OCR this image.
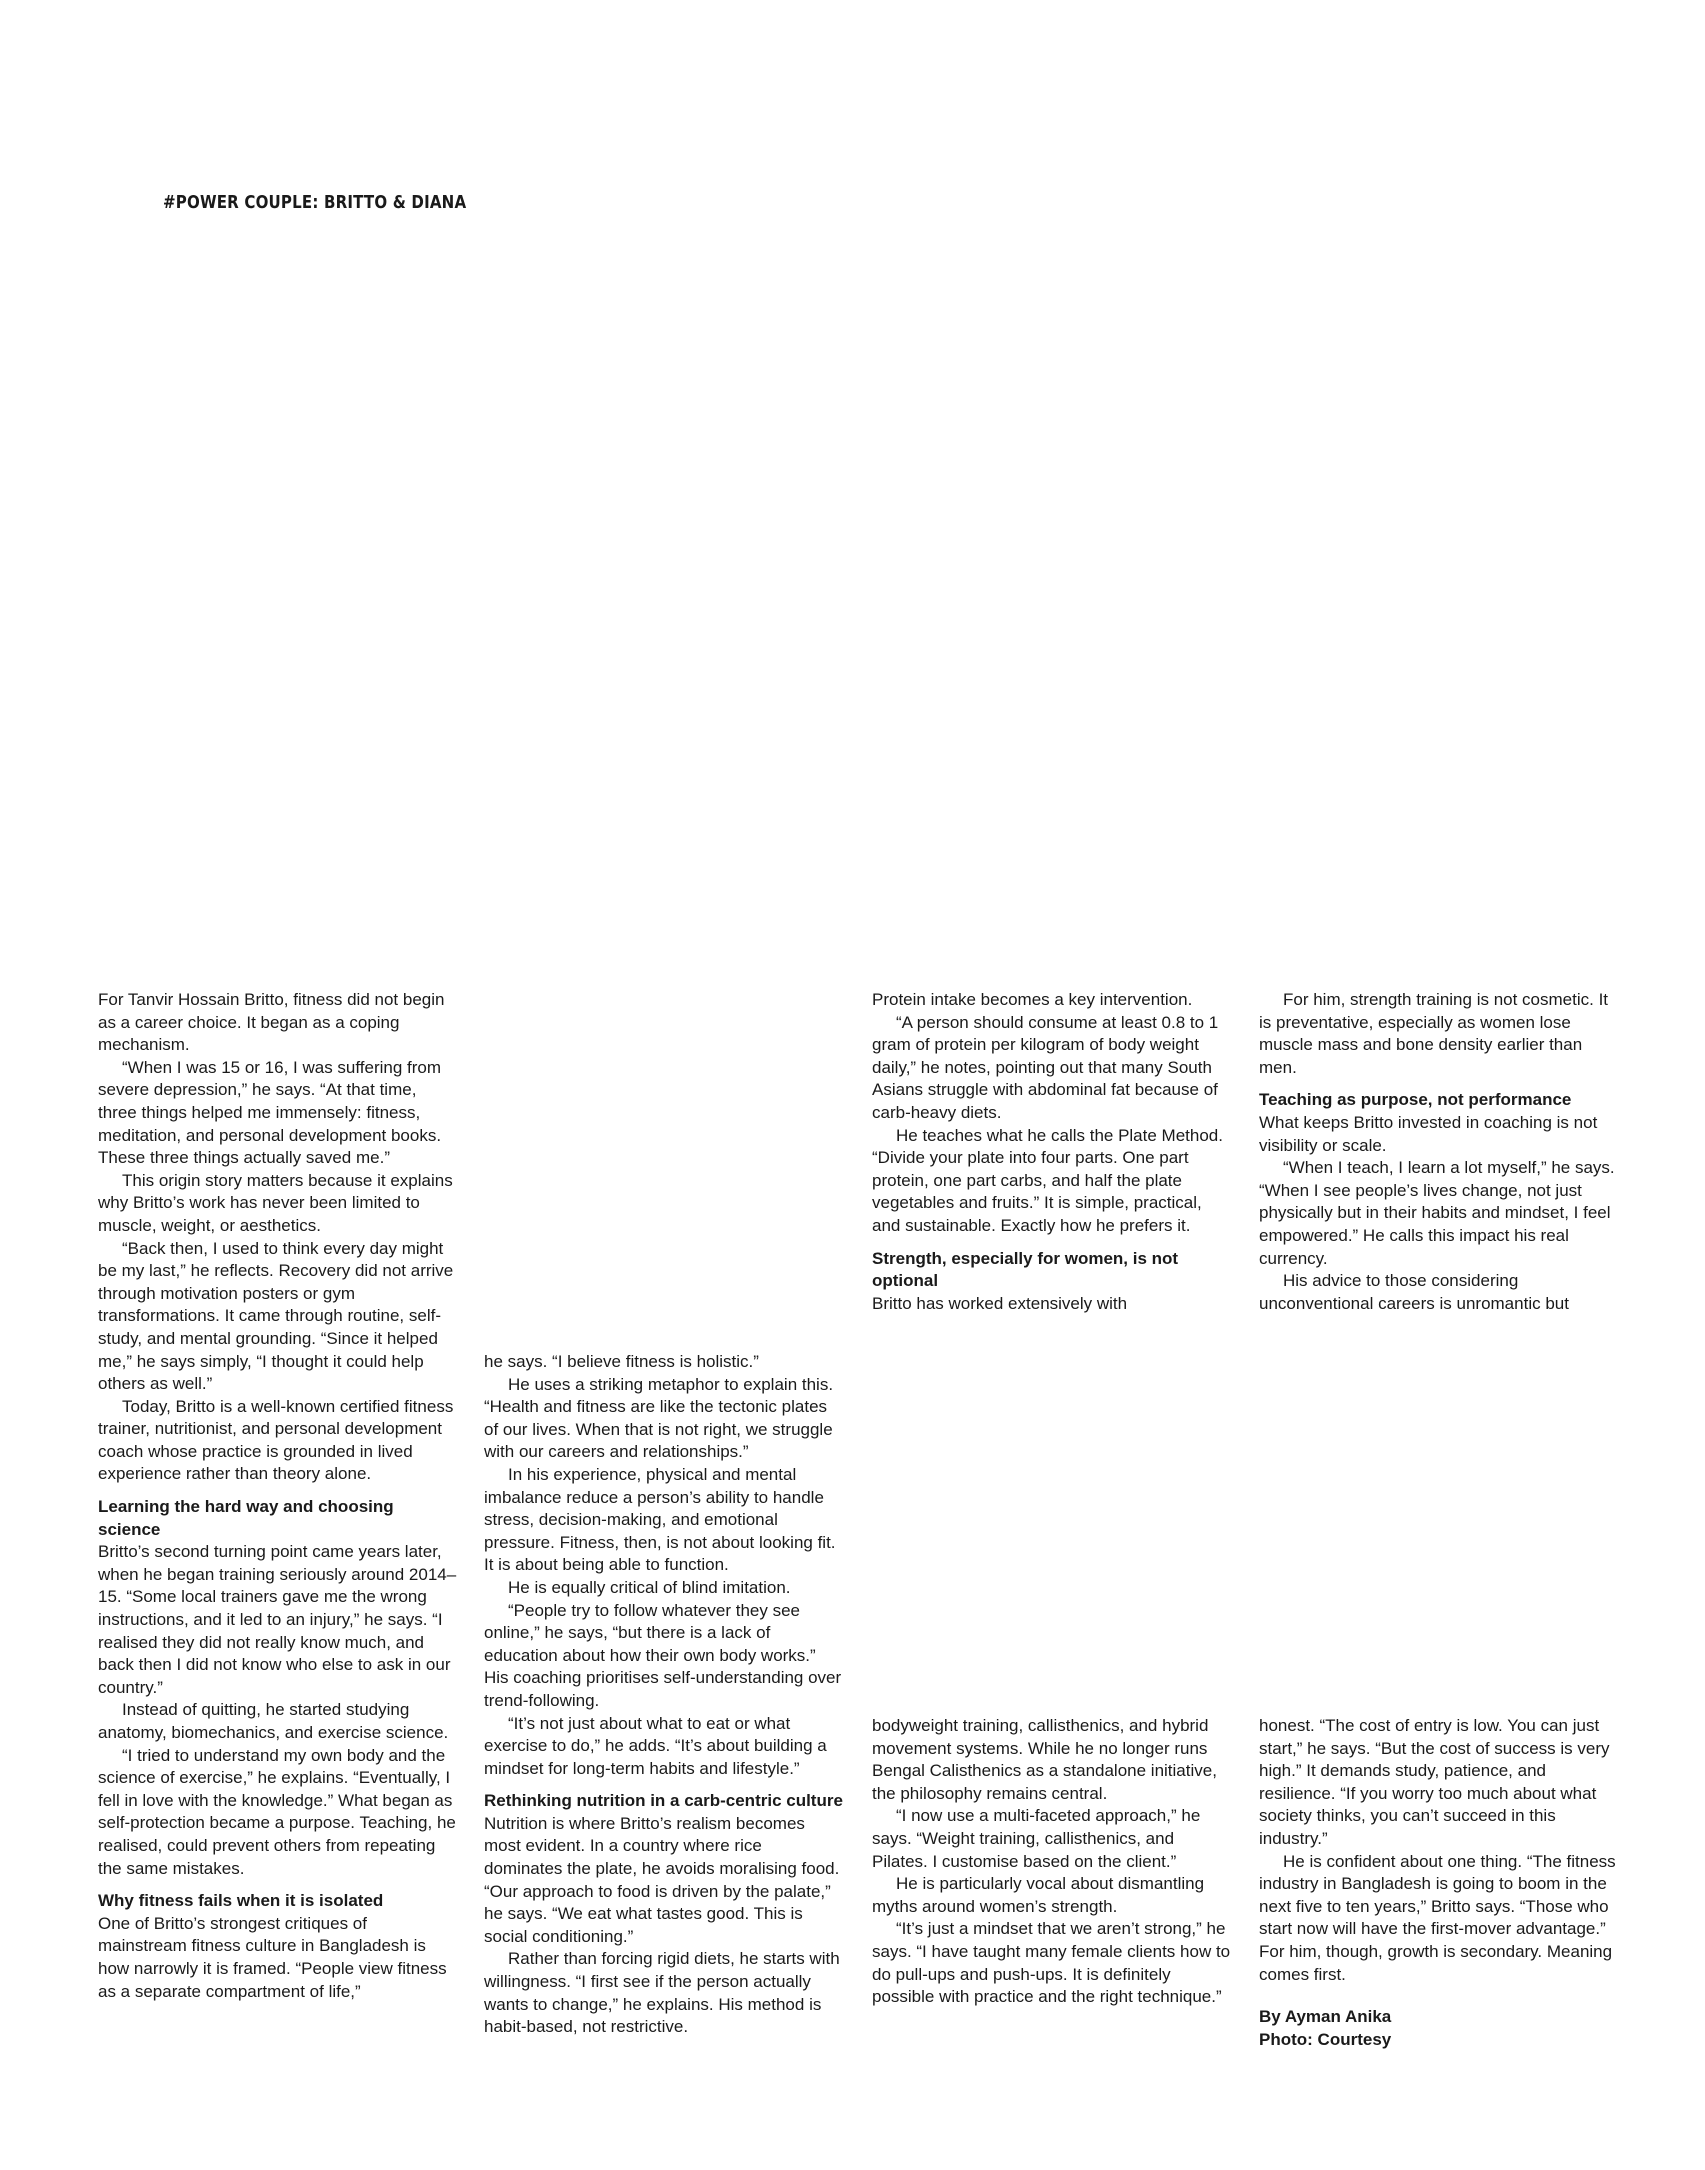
#POWER COUPLE: BRITTO & DIANA

For Tanvir Hossain Britto, fitness did not begin as a career choice. It began as a coping mechanism.

“When I was 15 or 16, I was suffering from severe depression,” he says. “At that time, three things helped me immensely: fitness, meditation, and personal development books. These three things actually saved me.”

This origin story matters because it explains why Britto’s work has never been limited to muscle, weight, or aesthetics.

“Back then, I used to think every day might be my last,” he reflects. Recovery did not arrive through motivation posters or gym transformations. It came through routine, self-study, and mental grounding. “Since it helped me,” he says simply, “I thought it could help others as well.”

Today, Britto is a well-known certified fitness trainer, nutritionist, and personal development coach whose practice is grounded in lived experience rather than theory alone.

Learning the hard way and choosing science

Britto’s second turning point came years later, when he began training seriously around 2014–15. “Some local trainers gave me the wrong instructions, and it led to an injury,” he says. “I realised they did not really know much, and back then I did not know who else to ask in our country.”

Instead of quitting, he started studying anatomy, biomechanics, and exercise science.

“I tried to understand my own body and the science of exercise,” he explains. “Eventually, I fell in love with the knowledge.” What began as self-protection became a purpose. Teaching, he realised, could prevent others from repeating the same mistakes.

Why fitness fails when it is isolated

One of Britto’s strongest critiques of mainstream fitness culture in Bangladesh is how narrowly it is framed. “People view fitness as a separate compartment of life,”

he says. “I believe fitness is holistic.”

He uses a striking metaphor to explain this. “Health and fitness are like the tectonic plates of our lives. When that is not right, we struggle with our careers and relationships.”

In his experience, physical and mental imbalance reduce a person’s ability to handle stress, decision-making, and emotional pressure. Fitness, then, is not about looking fit. It is about being able to function.

He is equally critical of blind imitation.

“People try to follow whatever they see online,” he says, “but there is a lack of education about how their own body works.” His coaching prioritises self-understanding over trend-following.

“It’s not just about what to eat or what exercise to do,” he adds. “It’s about building a mindset for long-term habits and lifestyle.”

Rethinking nutrition in a carb-centric culture

Nutrition is where Britto’s realism becomes most evident. In a country where rice dominates the plate, he avoids moralising food. “Our approach to food is driven by the palate,” he says. “We eat what tastes good. This is social conditioning.”

Rather than forcing rigid diets, he starts with willingness. “I first see if the person actually wants to change,” he explains. His method is habit-based, not restrictive.

Protein intake becomes a key intervention.

“A person should consume at least 0.8 to 1 gram of protein per kilogram of body weight daily,” he notes, pointing out that many South Asians struggle with abdominal fat because of carb-heavy diets.

He teaches what he calls the Plate Method. “Divide your plate into four parts. One part protein, one part carbs, and half the plate vegetables and fruits.” It is simple, practical, and sustainable. Exactly how he prefers it.

Strength, especially for women, is not optional

Britto has worked extensively with

bodyweight training, callisthenics, and hybrid movement systems. While he no longer runs Bengal Calisthenics as a standalone initiative, the philosophy remains central.

“I now use a multi-faceted approach,” he says. “Weight training, callisthenics, and Pilates. I customise based on the client.”

He is particularly vocal about dismantling myths around women’s strength.

“It’s just a mindset that we aren’t strong,” he says. “I have taught many female clients how to do pull-ups and push-ups. It is definitely possible with practice and the right technique.”

For him, strength training is not cosmetic. It is preventative, especially as women lose muscle mass and bone density earlier than men.

Teaching as purpose, not performance

What keeps Britto invested in coaching is not visibility or scale.

“When I teach, I learn a lot myself,” he says. “When I see people’s lives change, not just physically but in their habits and mindset, I feel empowered.” He calls this impact his real currency.

His advice to those considering unconventional careers is unromantic but

honest. “The cost of entry is low. You can just start,” he says. “But the cost of success is very high.” It demands study, patience, and resilience. “If you worry too much about what society thinks, you can’t succeed in this industry.”

He is confident about one thing. “The fitness industry in Bangladesh is going to boom in the next five to ten years,” Britto says. “Those who start now will have the first-mover advantage.” For him, though, growth is secondary. Meaning comes first.

By Ayman Anika
Photo: Courtesy
